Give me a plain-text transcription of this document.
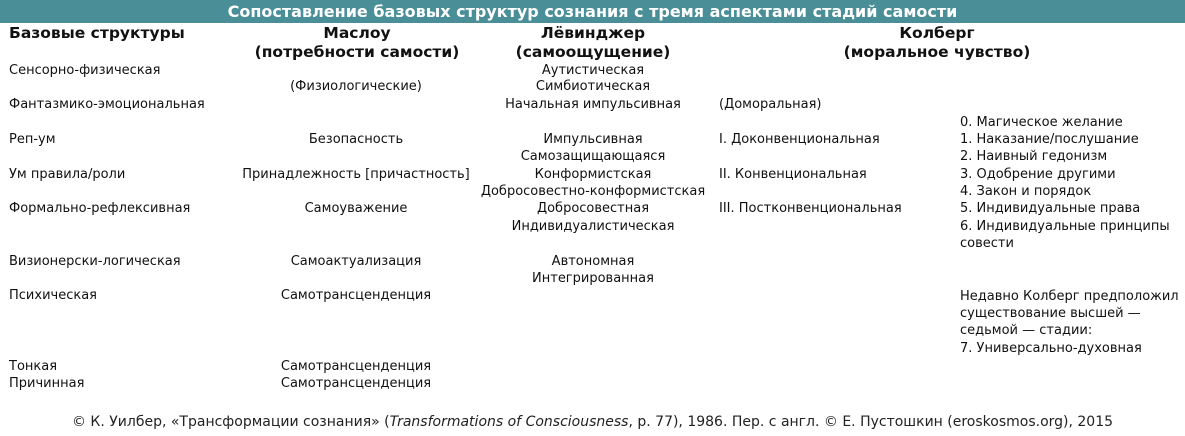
Сопоставление базовых структур сознания с тремя аспектами стадий самости
Базовые структуры	Маслоу
(потребности самости)
Лёвинджер
(самоощущение)
Колберг
(моральное чувство)
Сенсорно-физическая
Фантазмико-эмоциональная
Реп-ум
Ум правила/роли
Формально-рефлексивная
Визионерски-логическая
Психическая
Тонкая
Причинная
(Физиологические)
Безопасность
Принадлежность [причастность]
Самоуважение
Самоактуализация
Самотрансценденция
Самотрансценденция
Самотрансценденция
Аутистическая
Симбиотическая
Начальная импульсивная
Импульсивная
Самозащищающаяся
Конформистская
Добросовестно-конформистская
Добросовестная
Индивидуалистическая
Автономная
Интегрированная
(Доморальная)
I. Доконвенциональная
II. Конвенциональная
III. Постконвенциональная
0. Магическое желание
1. Наказание/послушание
2. Наивный гедонизм
3. Одобрение другими
4. Закон и порядок
5. Индивидуальные права
6. Индивидуальные принципы
совести
Недавно Колберг предположил
существование высшей —
седьмой — стадии:
7. Универсально-духовная
© К. Уилбер, «Трансформации сознания» (Transformations of Consciousness, p. 77), 1986. Пер. с англ. © Е. Пустошкин (eroskosmos.org), 2015
